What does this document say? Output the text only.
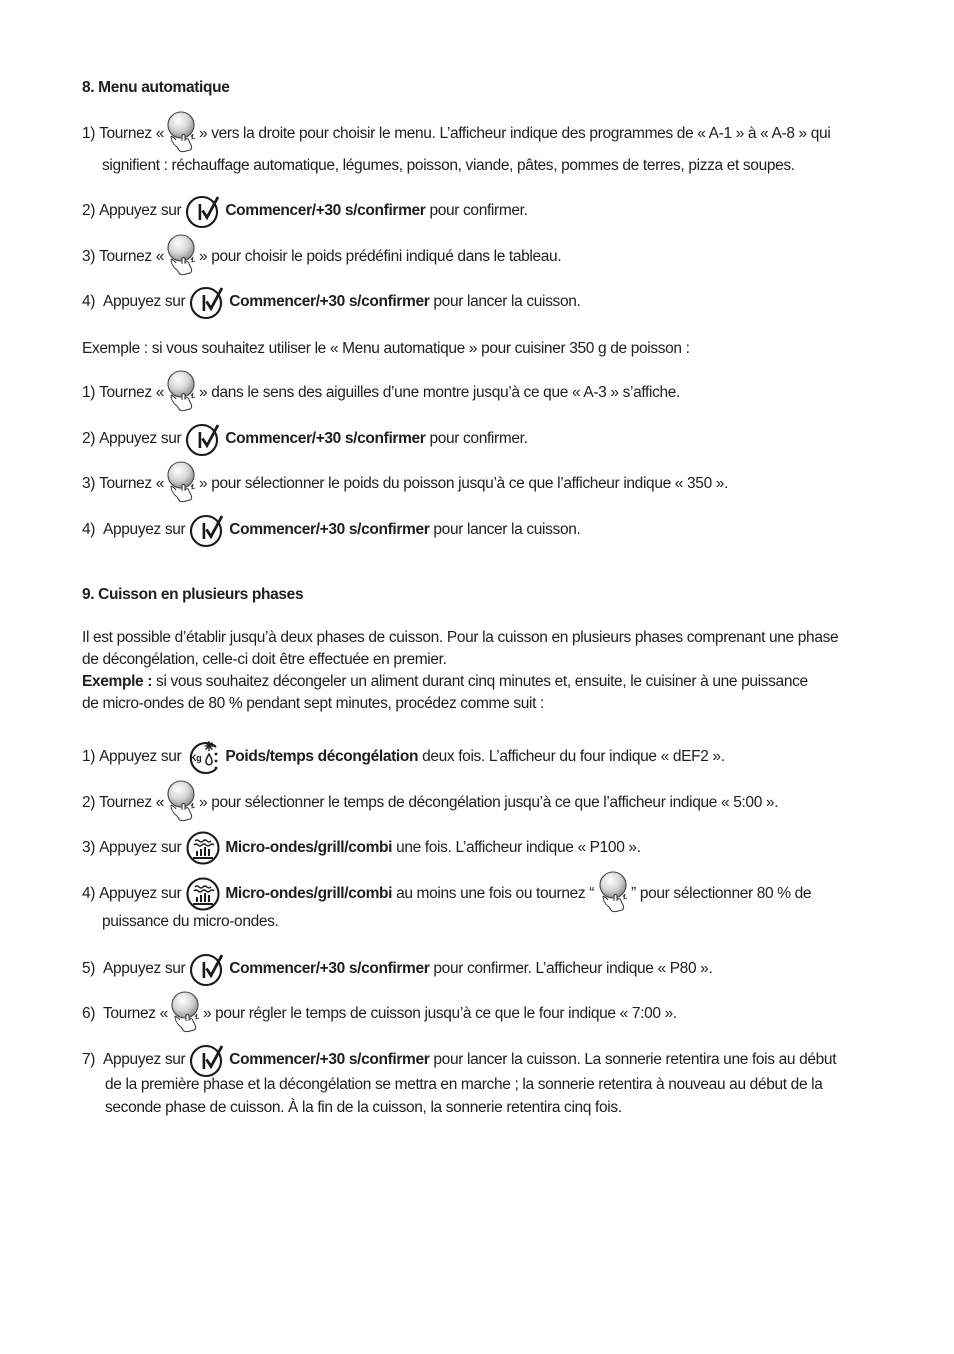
8. Menu automatique
1)
Tournez « » vers la droite pour choisir le menu. L’afficheur indique des programmes de « A-1 » à « A-8 » qui
signifient : réchauffage automatique, légumes, poisson, viande, pâtes, pommes de terres, pizza et soupes.
2)
Appuyez sur

	Commencer/+30 s/confirmer
pour confirmer.
3)
Tournez « » pour choisir le poids prédéfini indiqué dans le tableau.
4)
Appuyez sur

	Commencer/+30 s/confirmer
pour lancer la cuisson.
Exemple : si vous souhaitez utiliser le « Menu automatique » pour cuisiner 350 g de poisson :
1)
Tournez « » dans le sens des aiguilles d’une montre jusqu’à ce que « A-3 » s’affiche.
2)
Appuyez sur

	Commencer/+30 s/confirmer
pour confirmer.
3)
Tournez « » pour sélectionner le poids du poisson jusqu’à ce que l’afficheur indique « 350 ».
4)
Appuyez sur

	Commencer/+30 s/confirmer
pour lancer la cuisson.
9. Cuisson en plusieurs phases
Il est possible d’établir jusqu’à deux phases de cuisson. Pour la cuisson en plusieurs phases comprenant une phase
de décongélation, celle-ci doit être effectuée en premier.
Exemple : si vous souhaitez décongeler un aliment durant cinq minutes et, ensuite, le cuisiner à une puissance
de micro-ondes de 80 % pendant sept minutes, procédez comme suit :
1)
Appuyez sur

	Poids/temps décongélation
deux fois. L’afficheur du four indique « dEF2 ».
2)
Tournez « » pour sélectionner le temps de décongélation jusqu’à ce que l’afficheur indique « 5:00 ».
3)
Appuyez sur

	Micro-ondes/grill/combi
une fois. L’afficheur indique « P100 ».
4)
Appuyez sur

	Micro-ondes/grill/combi
au moins une fois ou tournez “ ” pour sélectionner 80 % de
puissance du micro-ondes.
5)
Appuyez sur

	Commencer/+30 s/confirmer
pour confirmer. L’afficheur indique « P80 ».
6)
Tournez « » pour régler le temps de cuisson jusqu’à ce que le four indique « 7:00 ».
7)
Appuyez sur

	Commencer/+30 s/confirmer
pour lancer la cuisson. La sonnerie retentira une fois au début
de la première phase et la décongélation se mettra en marche ; la sonnerie retentira à nouveau au début de la
seconde phase de cuisson. À la fin de la cuisson, la sonnerie retentira cinq fois.
